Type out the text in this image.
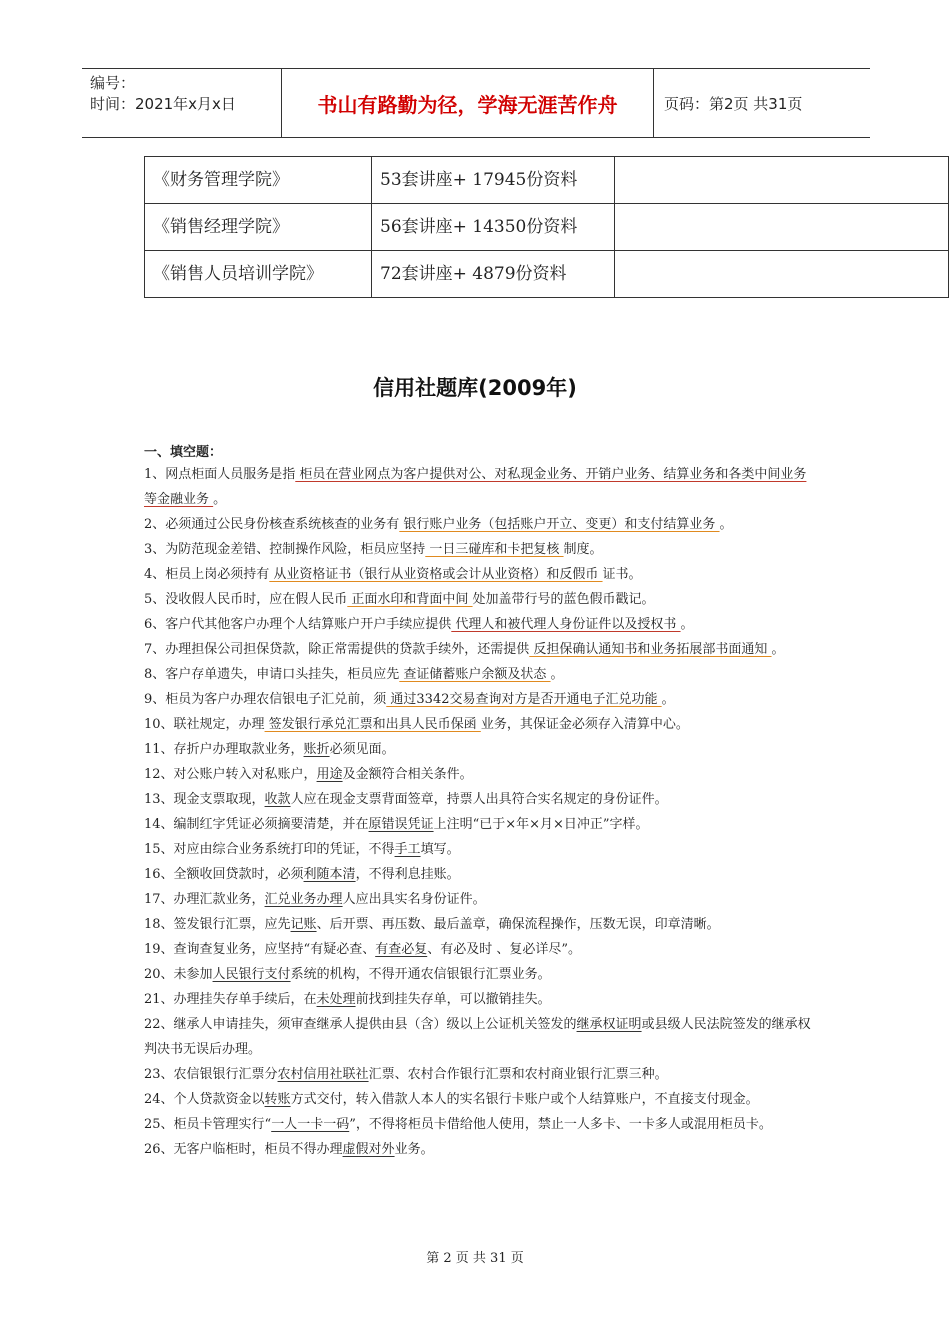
编号：
时间：2021年x月x日	书山有路勤为径，学海无涯苦作舟	页码：第2页 共31页
《财务管理学院》	53套讲座+ 17945份资料	
《销售经理学院》	56套讲座+ 14350份资料	
《销售人员培训学院》	72套讲座+ 4879份资料	
信用社题库(2009年)
一、填空题：

1、网点柜面人员服务是指 柜员在营业网点为客户提供对公、对私现金业务、开销户业务、结算业务和各类中间业务等金融业务 。

2、必须通过公民身份核查系统核查的业务有 银行账户业务（包括账户开立、变更）和支付结算业务 。

3、为防范现金差错、控制操作风险，柜员应坚持 一日三碰库和卡把复核 制度。

4、柜员上岗必须持有 从业资格证书（银行从业资格或会计从业资格）和反假币 证书。

5、没收假人民币时，应在假人民币 正面水印和背面中间 处加盖带行号的蓝色假币戳记。

6、客户代其他客户办理个人结算账户开户手续应提供 代理人和被代理人身份证件以及授权书 。

7、办理担保公司担保贷款，除正常需提供的贷款手续外，还需提供 反担保确认通知书和业务拓展部书面通知 。

8、客户存单遗失，申请口头挂失，柜员应先 查证储蓄账户余额及状态 。

9、柜员为客户办理农信银电子汇兑前，须 通过3342交易查询对方是否开通电子汇兑功能 。

10、联社规定，办理 签发银行承兑汇票和出具人民币保函 业务，其保证金必须存入清算中心。

11、存折户办理取款业务，账折必须见面。

12、对公账户转入对私账户，用途及金额符合相关条件。

13、现金支票取现，收款人应在现金支票背面签章，持票人出具符合实名规定的身份证件。

14、编制红字凭证必须摘要清楚，并在原错误凭证上注明“已于×年×月×日冲正”字样。

15、对应由综合业务系统打印的凭证，不得手工填写。

16、全额收回贷款时，必须利随本清，不得利息挂账。

17、办理汇款业务，汇兑业务办理人应出具实名身份证件。

18、签发银行汇票，应先记账、后开票、再压数、最后盖章，确保流程操作，压数无误，印章清晰。

19、查询查复业务，应坚持“有疑必查、有查必复、有必及时 、复必详尽”。

20、未参加人民银行支付系统的机构，不得开通农信银银行汇票业务。

21、办理挂失存单手续后，在未处理前找到挂失存单，可以撤销挂失。

22、继承人申请挂失，须审查继承人提供由县（含）级以上公证机关签发的继承权证明或县级人民法院签发的继承权判决书无误后办理。

23、农信银银行汇票分农村信用社联社汇票、农村合作银行汇票和农村商业银行汇票三种。

24、个人贷款资金以转账方式交付，转入借款人本人的实名银行卡账户或个人结算账户，不直接支付现金。

25、柜员卡管理实行“一人一卡一码”，不得将柜员卡借给他人使用，禁止一人多卡、一卡多人或混用柜员卡。

26、无客户临柜时，柜员不得办理虚假对外业务。

第 2 页 共 31 页
